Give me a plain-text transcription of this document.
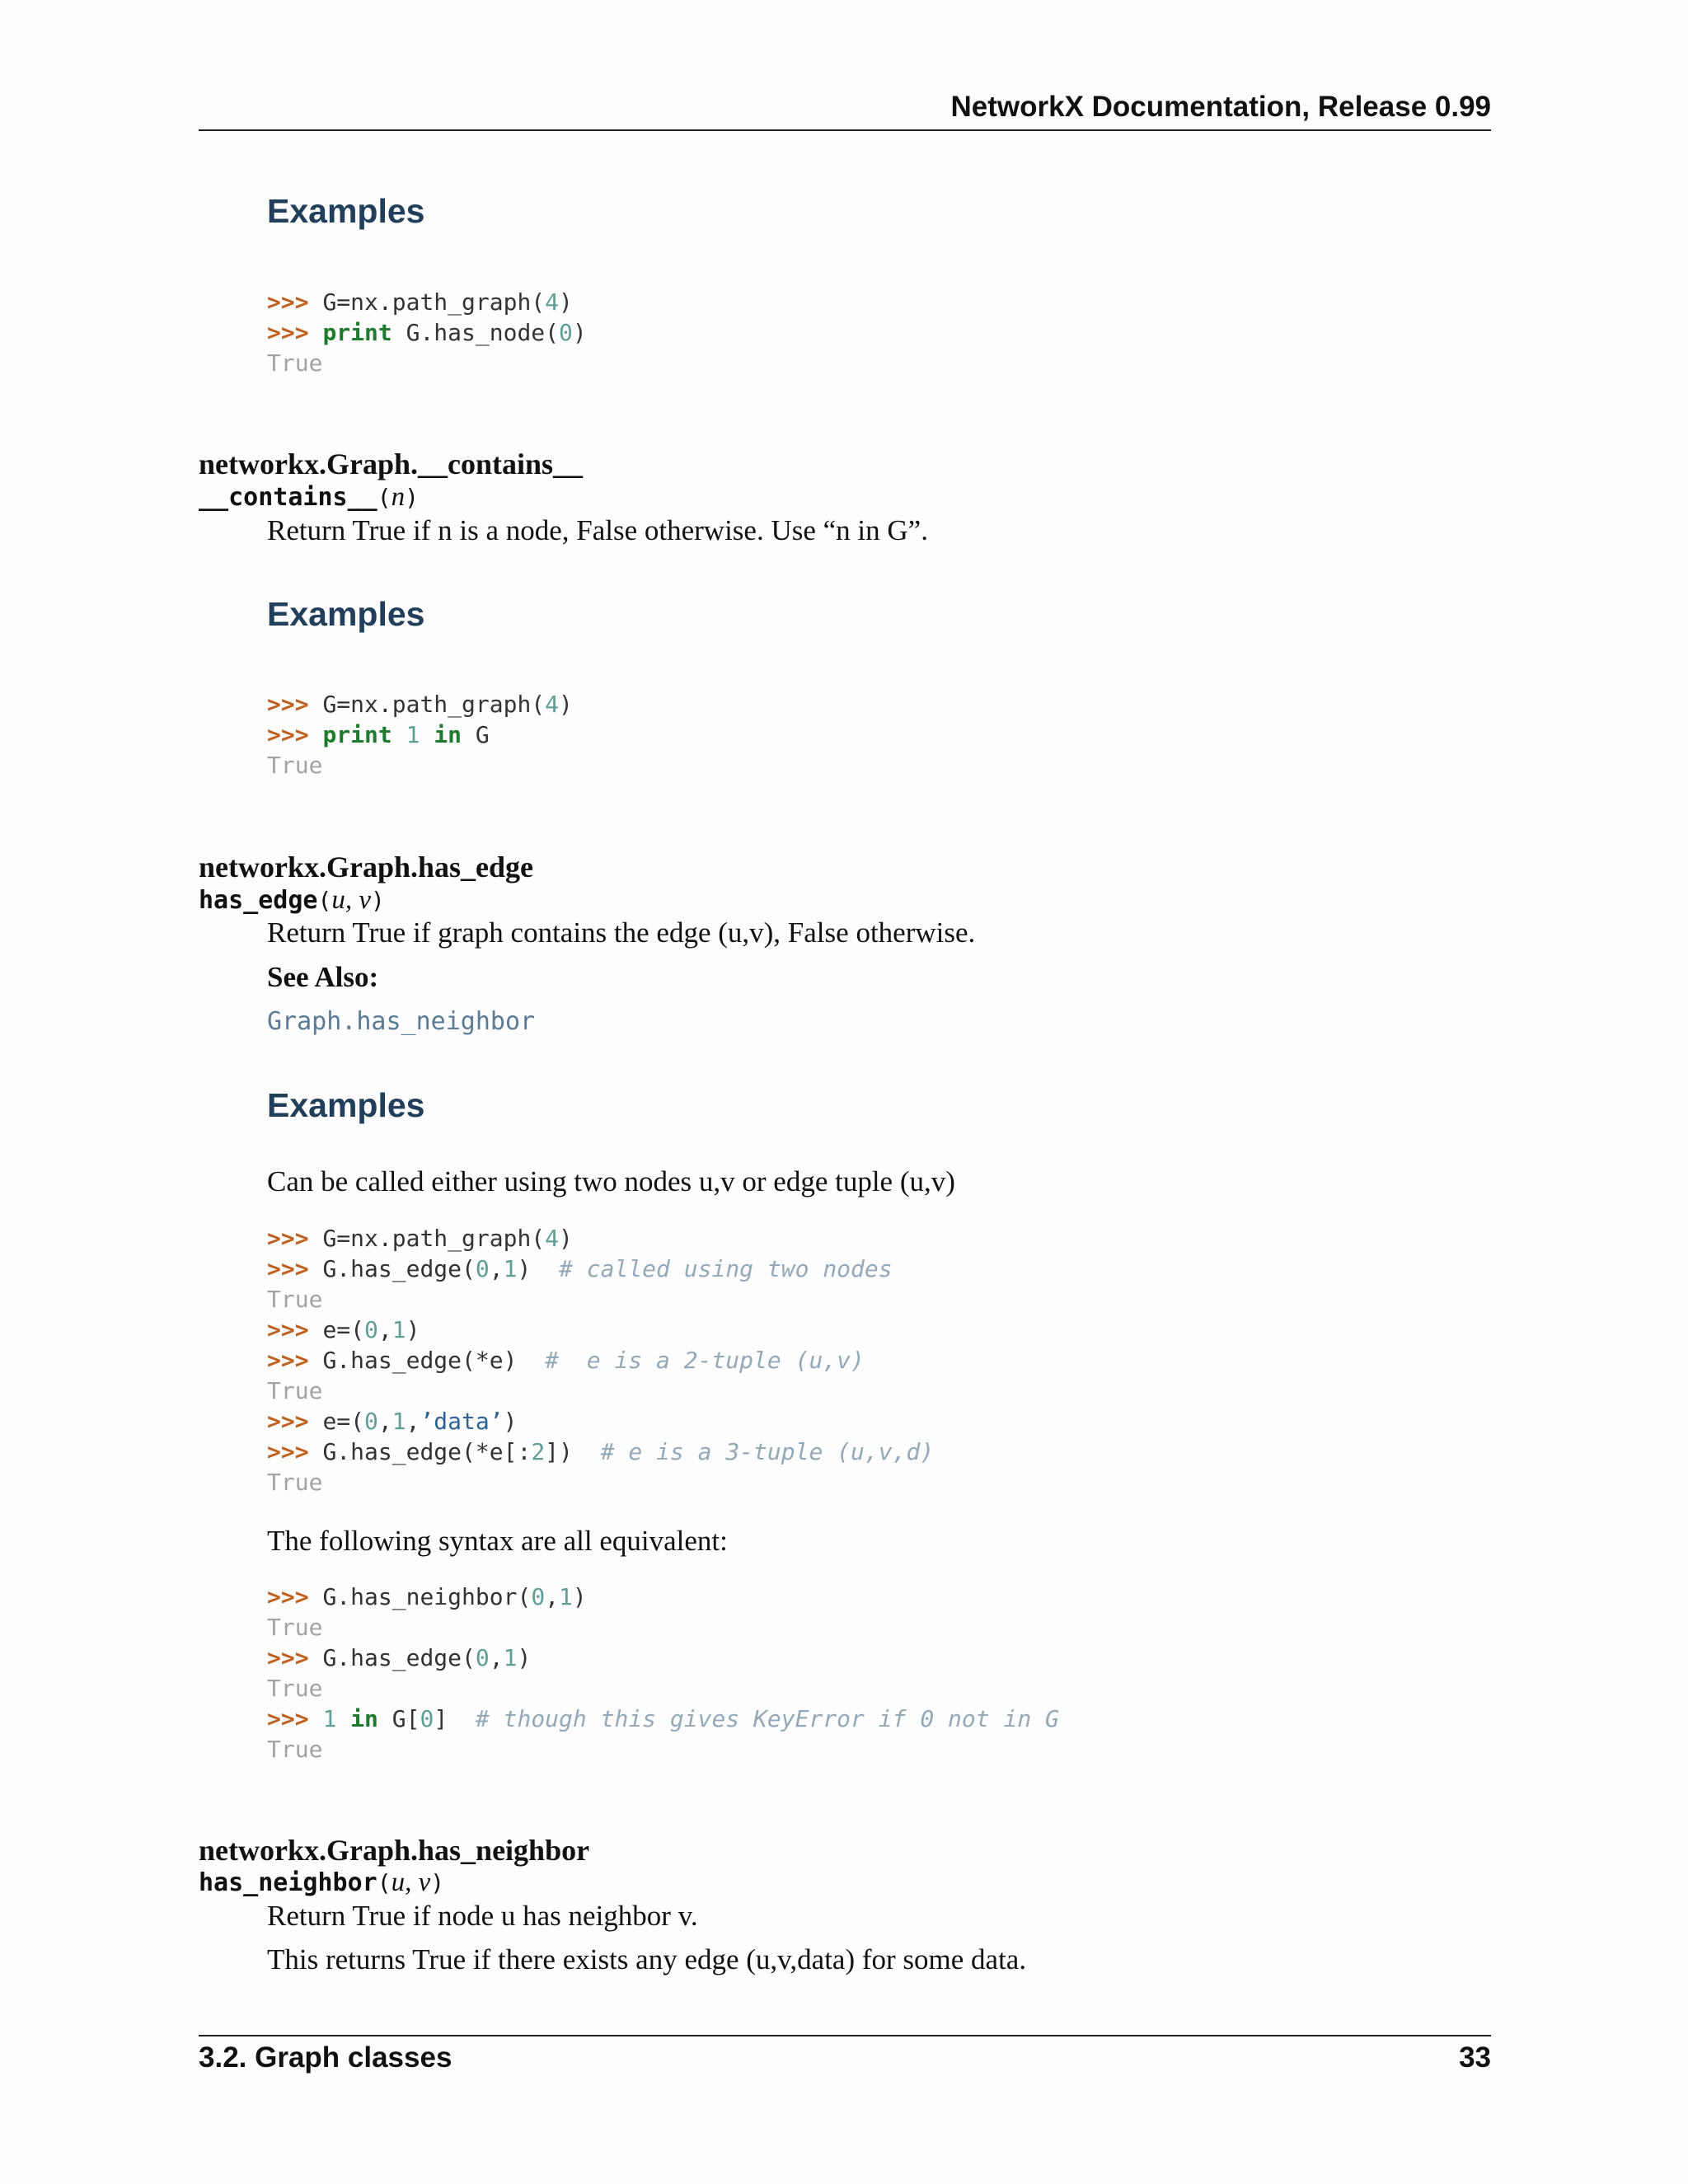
NetworkX Documentation, Release 0.99
Examples
>>> G=nx.path_graph(4)
>>> print G.has_node(0)
True
networkx.Graph.__contains__
__contains__(n)
Return True if n is a node, False otherwise. Use “n in G”.
Examples
>>> G=nx.path_graph(4)
>>> print 1 in G
True
networkx.Graph.has_edge
has_edge(u, v)
Return True if graph contains the edge (u,v), False otherwise.
See Also:
Graph.has_neighbor
Examples
Can be called either using two nodes u,v or edge tuple (u,v)
>>> G=nx.path_graph(4)
>>> G.has_edge(0,1)  # called using two nodes
True
>>> e=(0,1)
>>> G.has_edge(*e)  #  e is a 2-tuple (u,v)
True
>>> e=(0,1,’data’)
>>> G.has_edge(*e[:2])  # e is a 3-tuple (u,v,d)
True
The following syntax are all equivalent:
>>> G.has_neighbor(0,1)
True
>>> G.has_edge(0,1)
True
>>> 1 in G[0]  # though this gives KeyError if 0 not in G
True
networkx.Graph.has_neighbor
has_neighbor(u, v)
Return True if node u has neighbor v.
This returns True if there exists any edge (u,v,data) for some data.
3.2. Graph classes	33
